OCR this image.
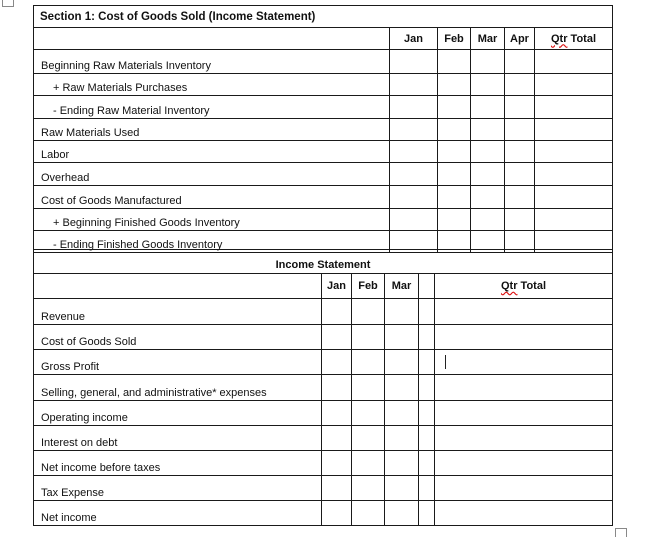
Section 1: Cost of Goods Sold (Income Statement)					
	Jan	Feb	Mar	Apr	Qtr Total
Beginning Raw Materials Inventory					
+ Raw Materials Purchases					
- Ending Raw Material Inventory					
Raw Materials Used					
Labor					
Overhead					
Cost of Goods Manufactured					
+ Beginning Finished Goods Inventory					
- Ending Finished Goods Inventory					
Income Statement					
	Jan	Feb	Mar		Qtr Total
Revenue					
Cost of Goods Sold					
Gross Profit					
Selling, general, and administrative* expenses					
Operating income					
Interest on debt					
Net income before taxes					
Tax Expense					
Net income					
